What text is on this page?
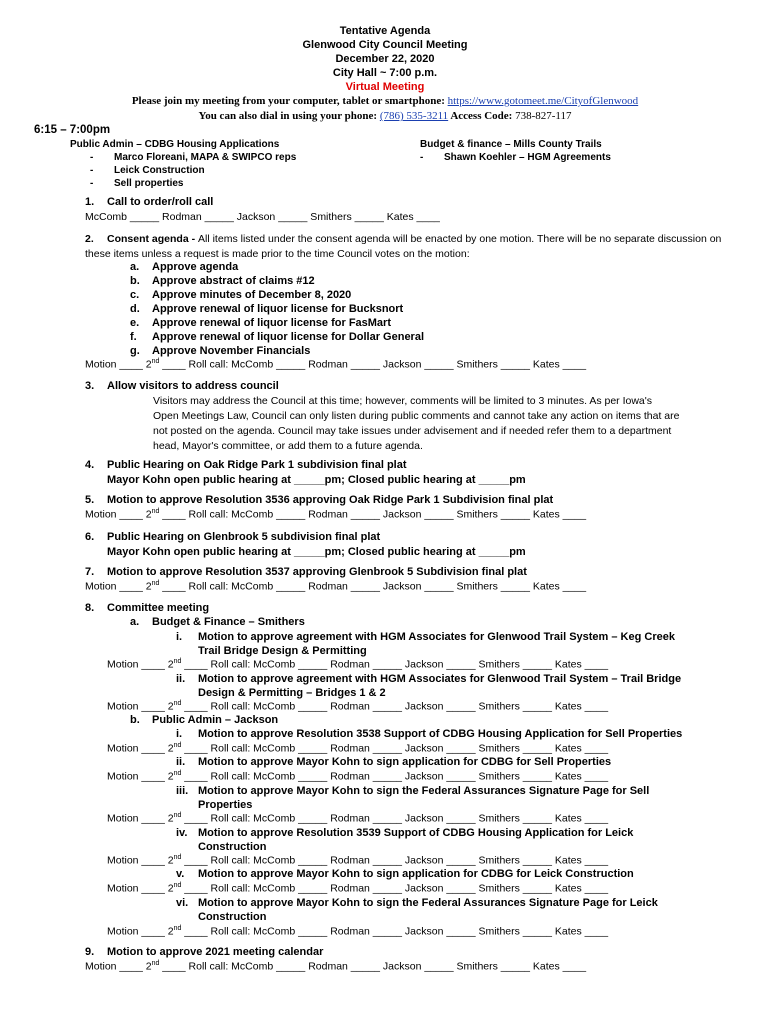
Tentative Agenda
Glenwood City Council Meeting
December 22, 2020
City Hall ~ 7:00 p.m.
Virtual Meeting
Please join my meeting from your computer, tablet or smartphone: https://www.gotomeet.me/CityofGlenwood
You can also dial in using your phone: (786) 535-3211 Access Code: 738-827-117
6:15 – 7:00pm
Public Admin – CDBG Housing Applications
- Marco Floreani, MAPA & SWIPCO reps
- Leick Construction
- Sell properties
Budget & finance – Mills County Trails
- Shawn Koehler – HGM Agreements
1. Call to order/roll call
McComb _____ Rodman _____ Jackson _____ Smithers _____ Kates ____
2. Consent agenda - All items listed under the consent agenda will be enacted by one motion. There will be no separate discussion on these items unless a request is made prior to the time Council votes on the motion:
a. Approve agenda
b. Approve abstract of claims #12
c. Approve minutes of December 8, 2020
d. Approve renewal of liquor license for Bucksnort
e. Approve renewal of liquor license for FasMart
f. Approve renewal of liquor license for Dollar General
g. Approve November Financials
Motion ____ 2nd ____ Roll call: McComb _____ Rodman _____ Jackson _____ Smithers _____ Kates ____
3. Allow visitors to address council
Visitors may address the Council at this time; however, comments will be limited to 3 minutes. As per Iowa's
Open Meetings Law, Council can only listen during public comments and cannot take any action on items that are
not posted on the agenda. Council may take issues under advisement and if needed refer them to a department
head, Mayor's committee, or add them to a future agenda.
4. Public Hearing on Oak Ridge Park 1 subdivision final plat
Mayor Kohn open public hearing at _____pm; Closed public hearing at _____pm
5. Motion to approve Resolution 3536 approving Oak Ridge Park 1 Subdivision final plat
Motion ____ 2nd ____ Roll call: McComb _____ Rodman _____ Jackson _____ Smithers _____ Kates ____
6. Public Hearing on Glenbrook 5 subdivision final plat
Mayor Kohn open public hearing at _____pm; Closed public hearing at _____pm
7. Motion to approve Resolution 3537 approving Glenbrook 5 Subdivision final plat
Motion ____ 2nd ____ Roll call: McComb _____ Rodman _____ Jackson _____ Smithers _____ Kates ____
8. Committee meeting
a. Budget & Finance – Smithers
i. Motion to approve agreement with HGM Associates for Glenwood Trail System – Keg Creek
Trail Bridge Design & Permitting
Motion ____ 2nd ____ Roll call: McComb _____ Rodman _____ Jackson _____ Smithers _____ Kates ____
ii. Motion to approve agreement with HGM Associates for Glenwood Trail System – Trail Bridge
Design & Permitting – Bridges 1 & 2
Motion ____ 2nd ____ Roll call: McComb _____ Rodman _____ Jackson _____ Smithers _____ Kates ____
b. Public Admin – Jackson
i. Motion to approve Resolution 3538 Support of CDBG Housing Application for Sell Properties
Motion ____ 2nd ____ Roll call: McComb _____ Rodman _____ Jackson _____ Smithers _____ Kates ____
ii. Motion to approve Mayor Kohn to sign application for CDBG for Sell Properties
Motion ____ 2nd ____ Roll call: McComb _____ Rodman _____ Jackson _____ Smithers _____ Kates ____
iii. Motion to approve Mayor Kohn to sign the Federal Assurances Signature Page for Sell
Properties
Motion ____ 2nd ____ Roll call: McComb _____ Rodman _____ Jackson _____ Smithers _____ Kates ____
iv. Motion to approve Resolution 3539 Support of CDBG Housing Application for Leick
Construction
Motion ____ 2nd ____ Roll call: McComb _____ Rodman _____ Jackson _____ Smithers _____ Kates ____
v. Motion to approve Mayor Kohn to sign application for CDBG for Leick Construction
Motion ____ 2nd ____ Roll call: McComb _____ Rodman _____ Jackson _____ Smithers _____ Kates ____
vi. Motion to approve Mayor Kohn to sign the Federal Assurances Signature Page for Leick
Construction
Motion ____ 2nd ____ Roll call: McComb _____ Rodman _____ Jackson _____ Smithers _____ Kates ____
9. Motion to approve 2021 meeting calendar
Motion ____ 2nd ____ Roll call: McComb _____ Rodman _____ Jackson _____ Smithers _____ Kates ____
